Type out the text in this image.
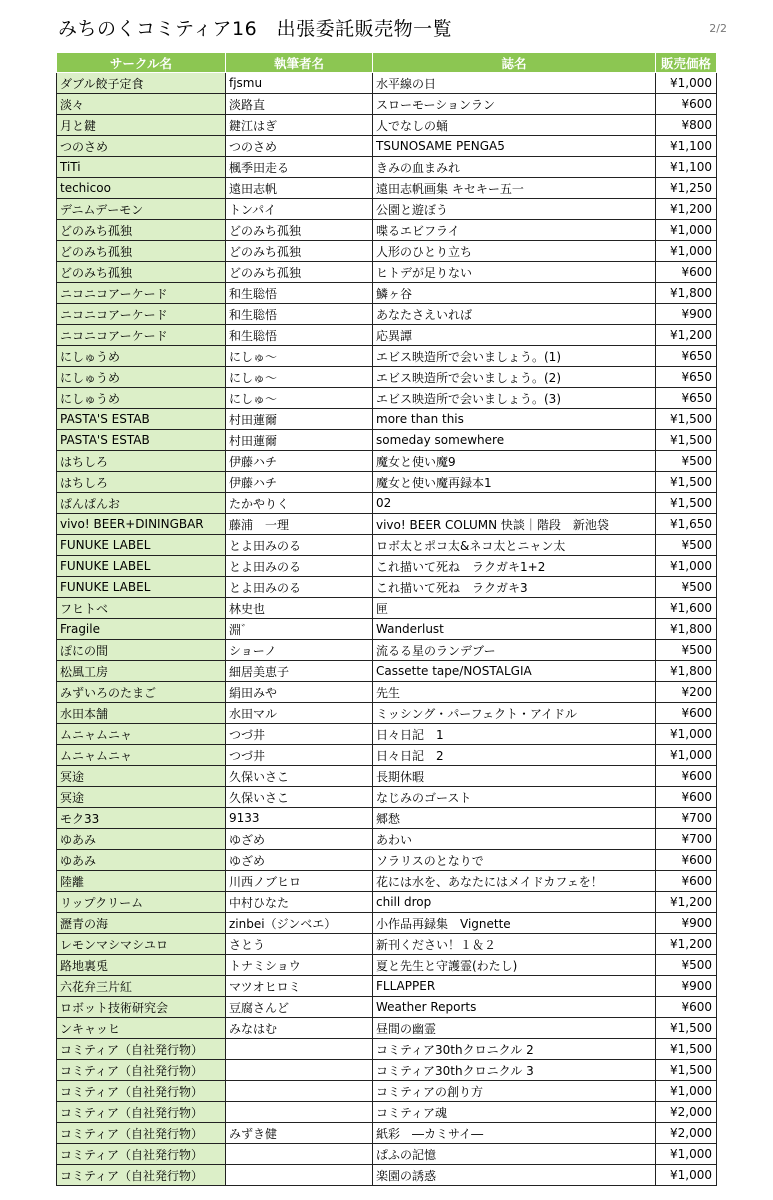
みちのくコミティア16　出張委託販売物一覧	2/2
サークル名	執筆者名	誌名	販売価格
ダブル餃子定食	fjsmu	水平線の日	¥1,000
淡々	淡路直	スローモーションラン	¥600
月と鍵	鍵江はぎ	人でなしの蛹	¥800
つのさめ	つのさめ	TSUNOSAME PENGA5	¥1,100
TiTi	楓季田走る	きみの血まみれ	¥1,100
techicoo	遠田志帆	遠田志帆画集 キセキー五一	¥1,250
デニムデーモン	トンパイ	公園と遊ぼう	¥1,200
どのみち孤独	どのみち孤独	喋るエビフライ	¥1,000
どのみち孤独	どのみち孤独	人形のひとり立ち	¥1,000
どのみち孤独	どのみち孤独	ヒトデが足りない	¥600
ニコニコアーケード	和生聡悟	鱗ヶ谷	¥1,800
ニコニコアーケード	和生聡悟	あなたさえいれば	¥900
ニコニコアーケード	和生聡悟	応異譚	¥1,200
にしゅうめ	にしゅ～	エビス映造所で会いましょう。(1)	¥650
にしゅうめ	にしゅ～	エビス映造所で会いましょう。(2)	¥650
にしゅうめ	にしゅ～	エビス映造所で会いましょう。(3)	¥650
PASTA'S ESTAB	村田蓮爾	more than this	¥1,500
PASTA'S ESTAB	村田蓮爾	someday somewhere	¥1,500
はちしろ	伊藤ハチ	魔女と使い魔9	¥500
はちしろ	伊藤ハチ	魔女と使い魔再録本1	¥1,500
ぱんぱんお	たかやりく	02	¥1,500
vivo! BEER+DININGBAR	藤浦　一理	vivo! BEER COLUMN 快談｜階段　新池袋	¥1,650
FUNUKE LABEL	とよ田みのる	ロボ太とポコ太&ネコ太とニャン太	¥500
FUNUKE LABEL	とよ田みのる	これ描いて死ね　ラクガキ1+2	¥1,000
FUNUKE LABEL	とよ田みのる	これ描いて死ね　ラクガキ3	¥500
フヒトベ	林史也	匣	¥1,600
Fragile	淵゛	Wanderlust	¥1,800
ぽにの間	ショーノ	流るる星のランデブー	¥500
松風工房	細居美恵子	Cassette tape/NOSTALGIA	¥1,800
みずいろのたまご	絹田みや	先生	¥200
水田本舗	水田マル	ミッシング・パーフェクト・アイドル	¥600
ムニャムニャ	つづ井	日々日記　1	¥1,000
ムニャムニャ	つづ井	日々日記　2	¥1,000
冥途	久保いさこ	長期休暇	¥600
冥途	久保いさこ	なじみのゴースト	¥600
モク33	9133	郷愁	¥700
ゆあみ	ゆざめ	あわい	¥700
ゆあみ	ゆざめ	ソラリスのとなりで	¥600
陸離	川西ノブヒロ	花には水を、あなたにはメイドカフェを！	¥600
リップクリーム	中村ひなた	chill drop	¥1,200
瀝青の海	zinbei（ジンベエ）	小作品再録集　Vignette	¥900
レモンマシマシユロ	さとう	新刊ください！１＆２	¥1,200
路地裏兎	トナミショウ	夏と先生と守護霊(わたし)	¥500
六花弁三片紅	マツオヒロミ	FLLAPPER	¥900
ロボット技術研究会	豆腐さんど	Weather Reports	¥600
ンキャッヒ	みなはむ	昼間の幽霊	¥1,500
コミティア（自社発行物）		コミティア30thクロニクル 2	¥1,500
コミティア（自社発行物）		コミティア30thクロニクル 3	¥1,500
コミティア（自社発行物）		コミティアの創り方	¥1,000
コミティア（自社発行物）		コミティア魂	¥2,000
コミティア（自社発行物）	みずき健	紙彩　―カミサイ―	¥2,000
コミティア（自社発行物）		ぱふの記憶	¥1,000
コミティア（自社発行物）		楽園の誘惑	¥1,000
